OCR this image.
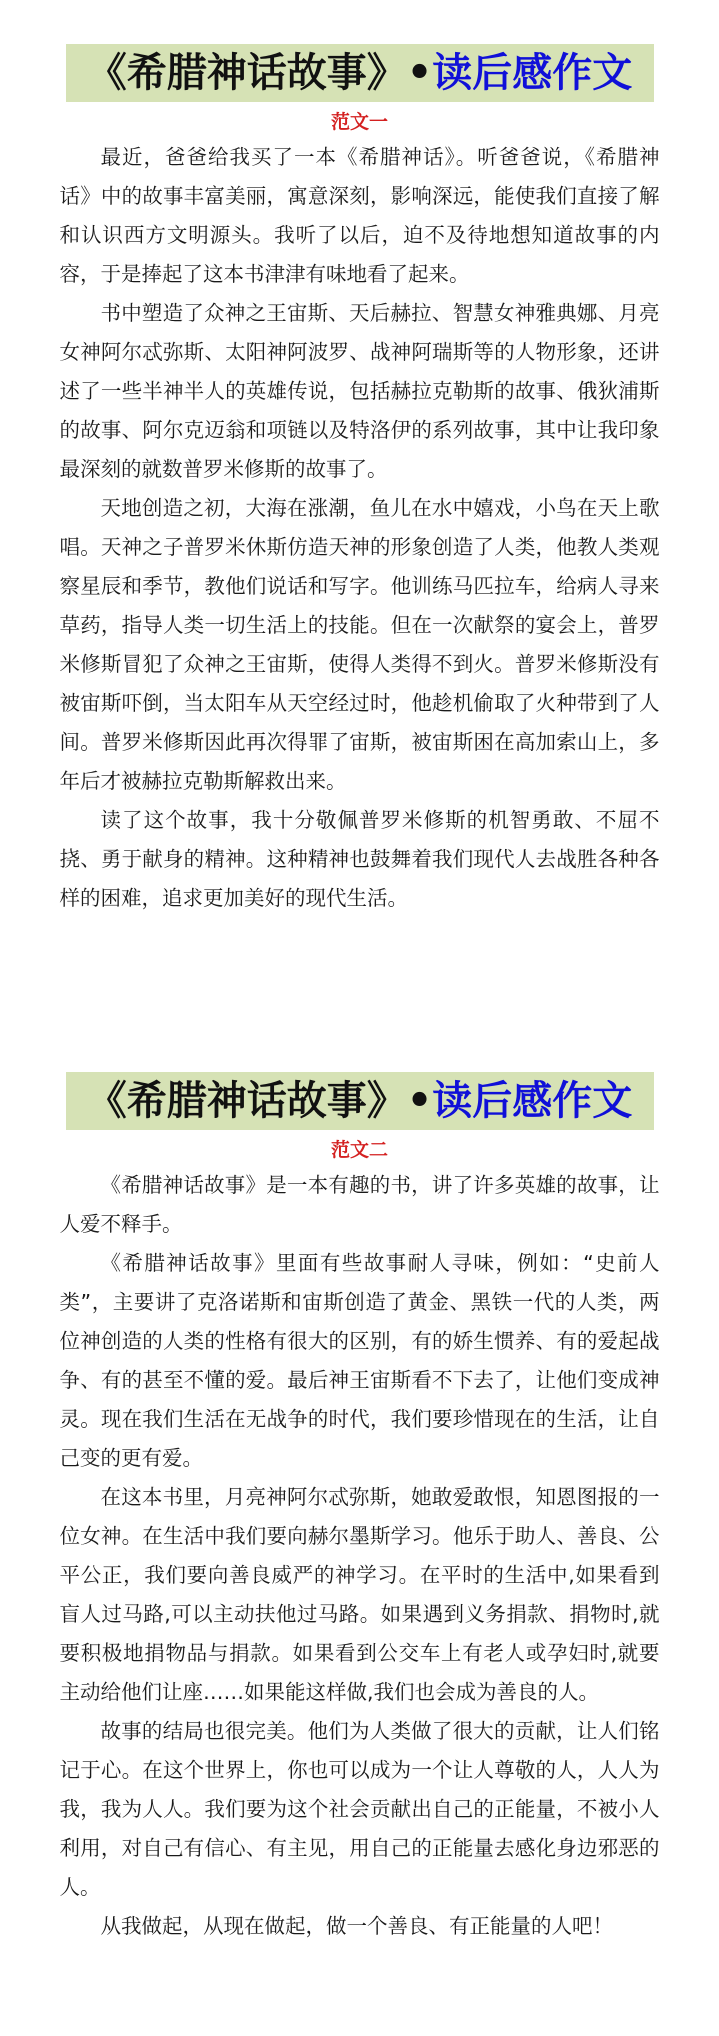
《希腊神话故事》• 读后感作文
范文一

最近，爸爸给我买了一本《希腊神话》。听爸爸说，《希腊神话》中的故事丰富美丽，寓意深刻，影响深远，能使我们直接了解和认识西方文明源头。我听了以后，迫不及待地想知道故事的内容，于是捧起了这本书津津有味地看了起来。

书中塑造了众神之王宙斯、天后赫拉、智慧女神雅典娜、月亮女神阿尔忒弥斯、太阳神阿波罗、战神阿瑞斯等的人物形象，还讲述了一些半神半人的英雄传说，包括赫拉克勒斯的故事、俄狄浦斯的故事、阿尔克迈翁和项链以及特洛伊的系列故事，其中让我印象最深刻的就数普罗米修斯的故事了。

天地创造之初，大海在涨潮，鱼儿在水中嬉戏，小鸟在天上歌唱。天神之子普罗米休斯仿造天神的形象创造了人类，他教人类观察星辰和季节，教他们说话和写字。他训练马匹拉车，给病人寻来草药，指导人类一切生活上的技能。但在一次献祭的宴会上，普罗米修斯冒犯了众神之王宙斯，使得人类得不到火。普罗米修斯没有被宙斯吓倒，当太阳车从天空经过时，他趁机偷取了火种带到了人间。普罗米修斯因此再次得罪了宙斯，被宙斯困在高加索山上，多年后才被赫拉克勒斯解救出来。

读了这个故事，我十分敬佩普罗米修斯的机智勇敢、不屈不挠、勇于献身的精神。这种精神也鼓舞着我们现代人去战胜各种各样的困难，追求更加美好的现代生活。

《希腊神话故事》• 读后感作文
范文二

《希腊神话故事》是一本有趣的书，讲了许多英雄的故事，让人爱不释手。

《希腊神话故事》里面有些故事耐人寻味，例如：“史前人类”，主要讲了克洛诺斯和宙斯创造了黄金、黑铁一代的人类，两位神创造的人类的性格有很大的区别，有的娇生惯养、有的爱起战争、有的甚至不懂的爱。最后神王宙斯看不下去了，让他们变成神灵。现在我们生活在无战争的时代，我们要珍惜现在的生活，让自己变的更有爱。

在这本书里，月亮神阿尔忒弥斯，她敢爱敢恨，知恩图报的一位女神。在生活中我们要向赫尔墨斯学习。他乐于助人、善良、公平公正，我们要向善良威严的神学习。在平时的生活中,如果看到盲人过马路,可以主动扶他过马路。如果遇到义务捐款、捐物时,就要积极地捐物品与捐款。如果看到公交车上有老人或孕妇时,就要主动给他们让座……如果能这样做,我们也会成为善良的人。

故事的结局也很完美。他们为人类做了很大的贡献，让人们铭记于心。在这个世界上，你也可以成为一个让人尊敬的人，人人为我，我为人人。我们要为这个社会贡献出自己的正能量，不被小人利用，对自己有信心、有主见，用自己的正能量去感化身边邪恶的人。

从我做起，从现在做起，做一个善良、有正能量的人吧！
